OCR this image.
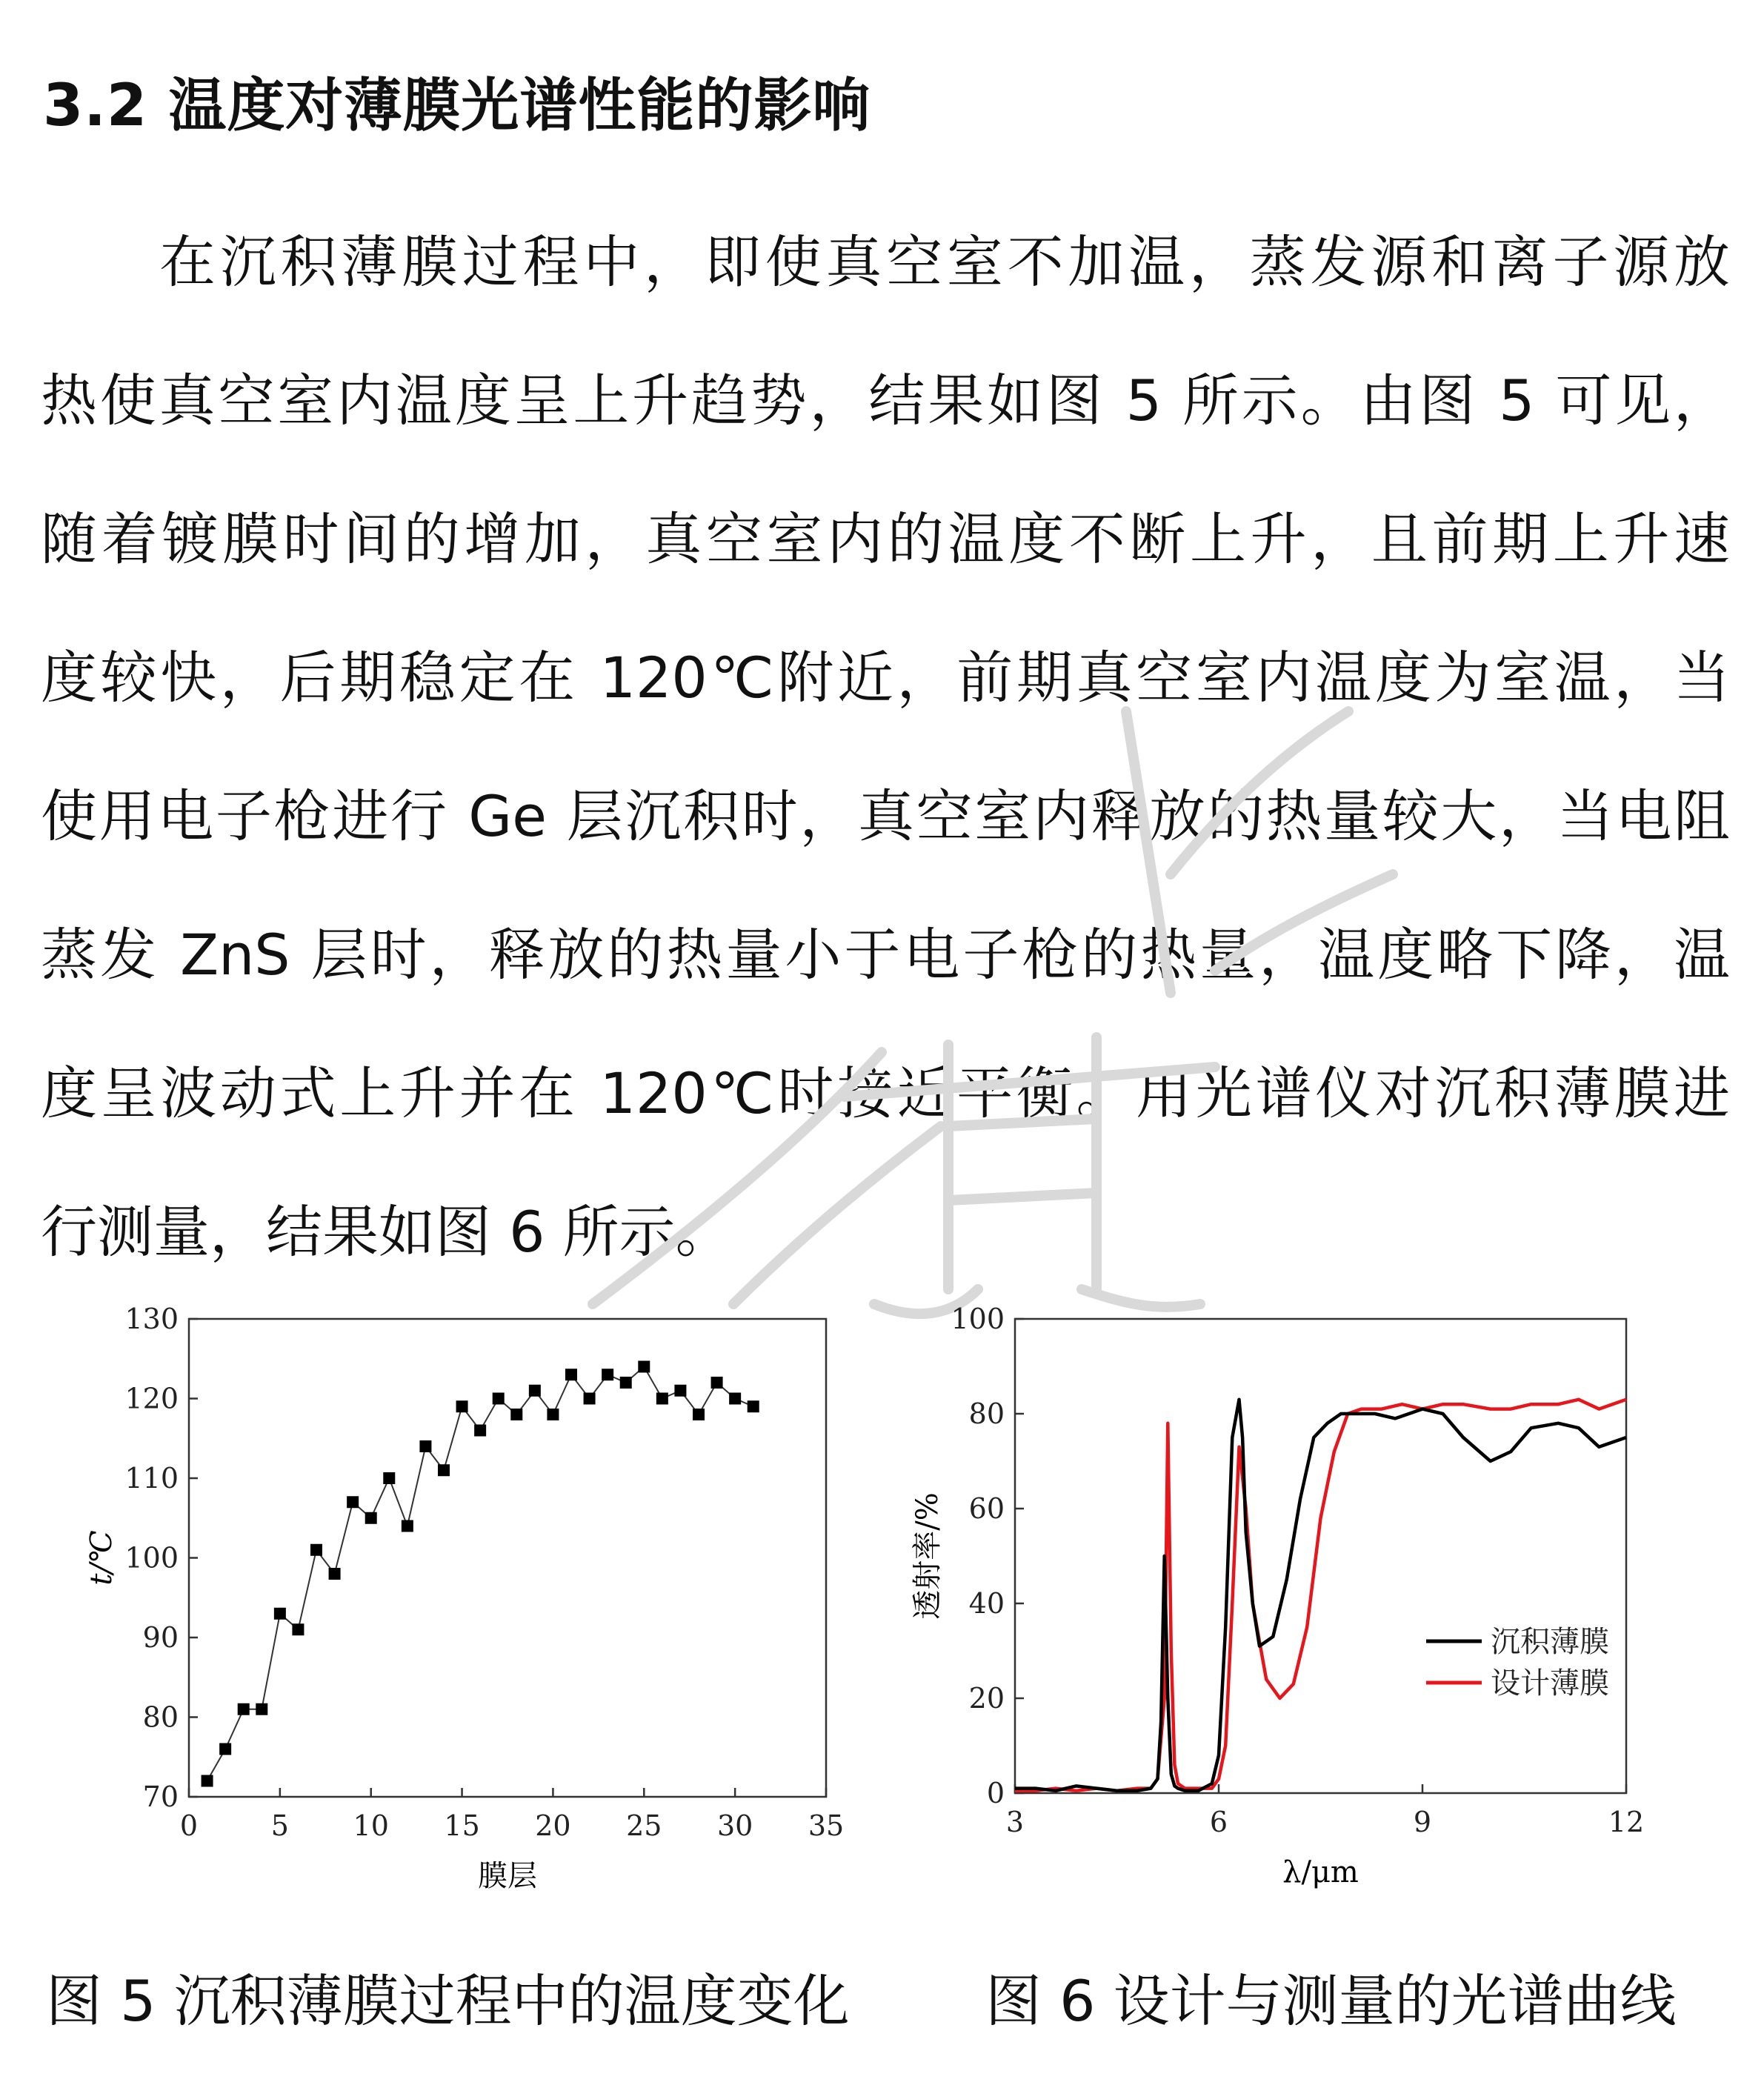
3.2 温度对薄膜光谱性能的影响
在沉积薄膜过程中，即使真空室不加温，蒸发源和离子源放
热使真空室内温度呈上升趋势，结果如图 5 所示。由图 5 可见，
随着镀膜时间的增加，真空室内的温度不断上升，且前期上升速
度较快，后期稳定在 120℃附近，前期真空室内温度为室温，当
使用电子枪进行 Ge 层沉积时，真空室内释放的热量较大，当电阻
蒸发 ZnS 层时，释放的热量小于电子枪的热量，温度略下降，温
度呈波动式上升并在 120℃时接近平衡。用光谱仪对沉积薄膜进
行测量，结果如图 6 所示。
0	5 10 15 20 25 30 35
70
80
90
100
110
120
130
膜层
t/℃
3	6	9	12
0
20
40
60
80
100
沉积薄膜
设计薄膜
λ/μm
透射率/%
图 5 沉积薄膜过程中的温度变化 图 6 设计与测量的光谱曲线
